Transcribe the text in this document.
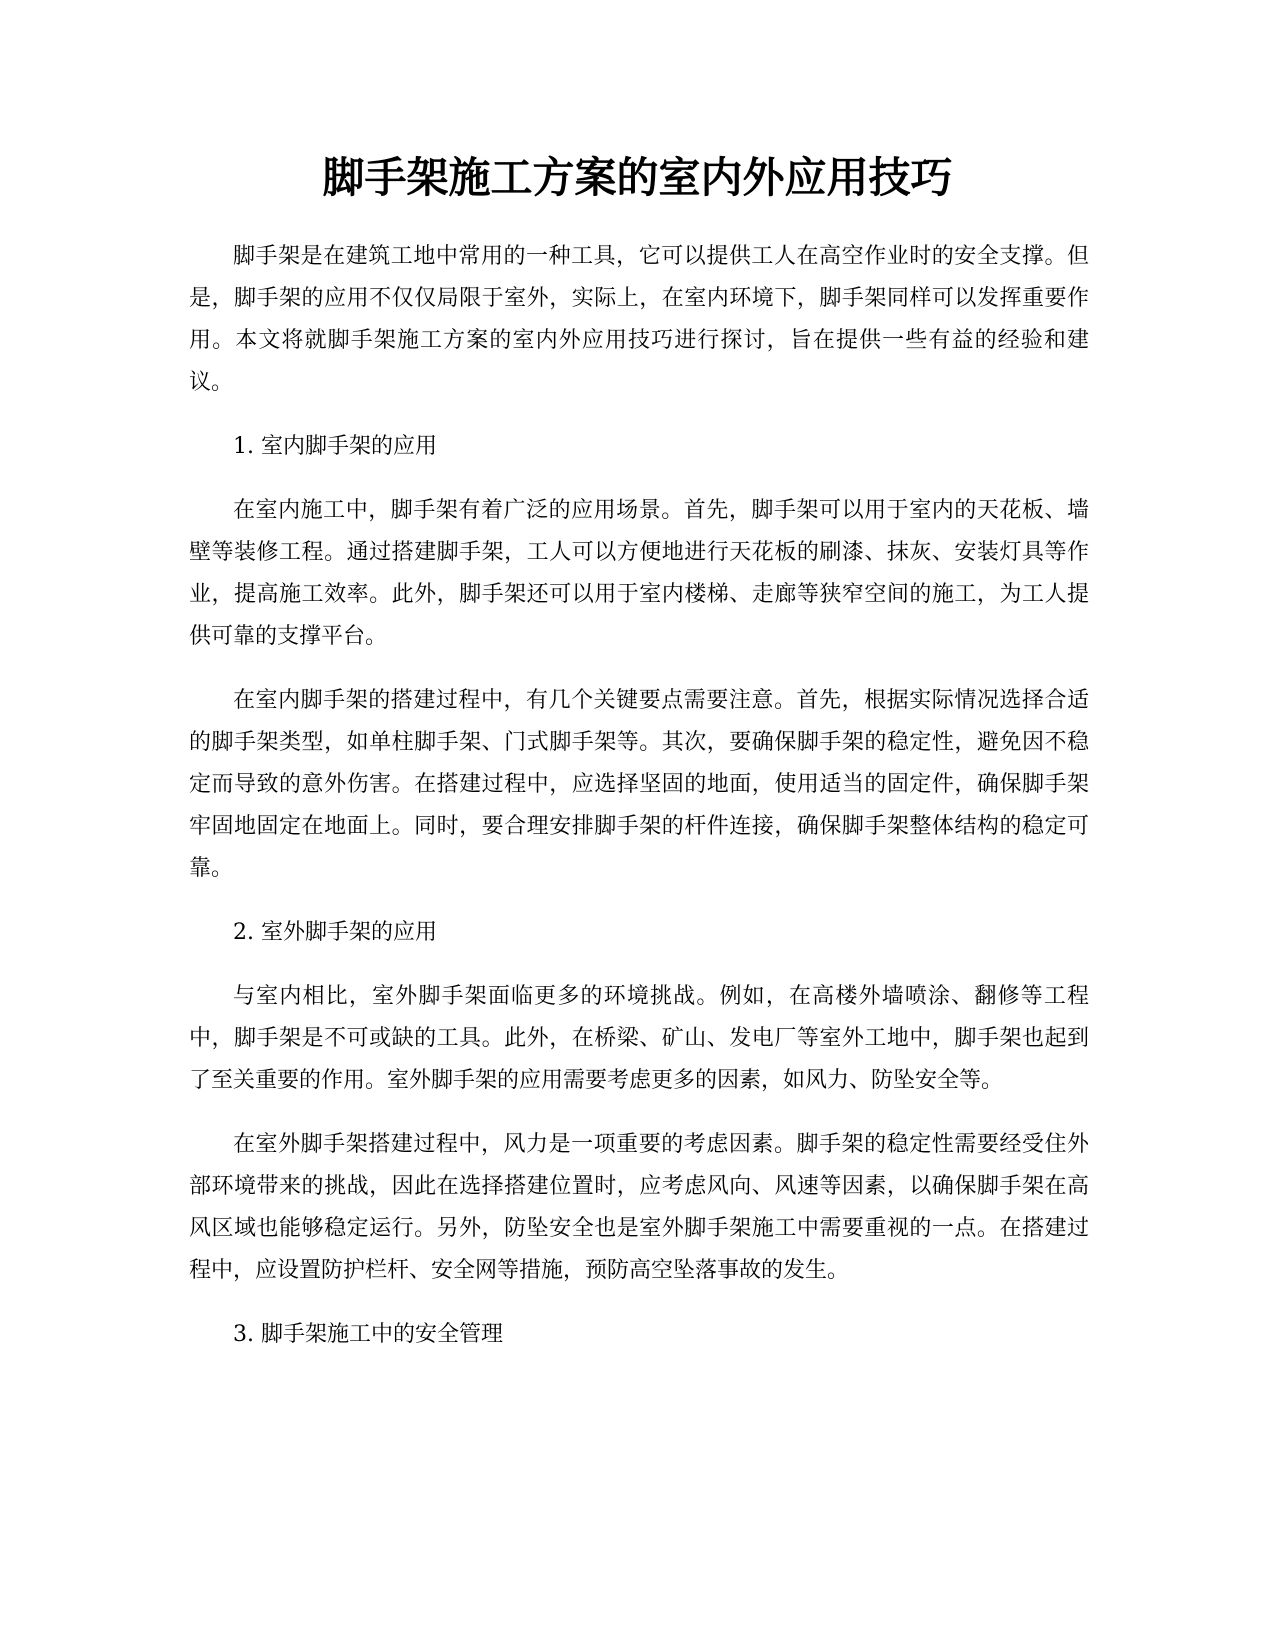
脚手架施工方案的室内外应用技巧

脚手架是在建筑工地中常用的一种工具，它可以提供工人在高空作业时的安全支撑。但是，脚手架的应用不仅仅局限于室外，实际上，在室内环境下，脚手架同样可以发挥重要作用。本文将就脚手架施工方案的室内外应用技巧进行探讨，旨在提供一些有益的经验和建议。

1. 室内脚手架的应用

在室内施工中，脚手架有着广泛的应用场景。首先，脚手架可以用于室内的天花板、墙壁等装修工程。通过搭建脚手架，工人可以方便地进行天花板的刷漆、抹灰、安装灯具等作业，提高施工效率。此外，脚手架还可以用于室内楼梯、走廊等狭窄空间的施工，为工人提供可靠的支撑平台。

在室内脚手架的搭建过程中，有几个关键要点需要注意。首先，根据实际情况选择合适的脚手架类型，如单柱脚手架、门式脚手架等。其次，要确保脚手架的稳定性，避免因不稳定而导致的意外伤害。在搭建过程中，应选择坚固的地面，使用适当的固定件，确保脚手架牢固地固定在地面上。同时，要合理安排脚手架的杆件连接，确保脚手架整体结构的稳定可靠。

2. 室外脚手架的应用

与室内相比，室外脚手架面临更多的环境挑战。例如，在高楼外墙喷涂、翻修等工程中，脚手架是不可或缺的工具。此外，在桥梁、矿山、发电厂等室外工地中，脚手架也起到了至关重要的作用。室外脚手架的应用需要考虑更多的因素，如风力、防坠安全等。

在室外脚手架搭建过程中，风力是一项重要的考虑因素。脚手架的稳定性需要经受住外部环境带来的挑战，因此在选择搭建位置时，应考虑风向、风速等因素，以确保脚手架在高风区域也能够稳定运行。另外，防坠安全也是室外脚手架施工中需要重视的一点。在搭建过程中，应设置防护栏杆、安全网等措施，预防高空坠落事故的发生。

3. 脚手架施工中的安全管理
